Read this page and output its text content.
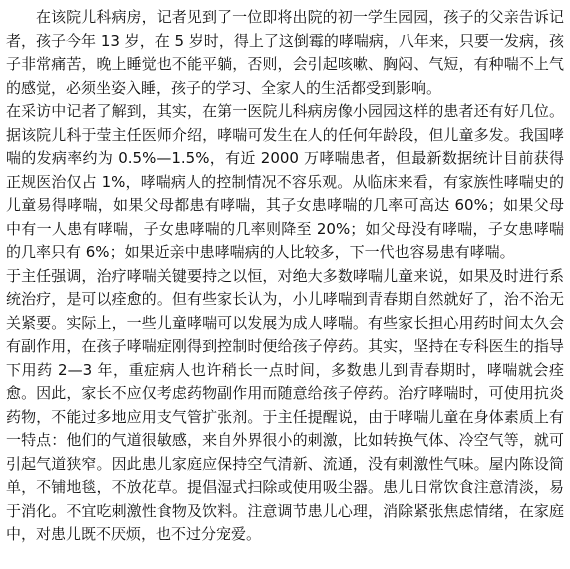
在该院儿科病房，记者见到了一位即将出院的初一学生园园，孩子的父亲告诉记者，孩子今年 13 岁，在 5 岁时，得上了这倒霉的哮喘病，八年来，只要一发病，孩子非常痛苦，晚上睡觉也不能平躺，否则，会引起咳嗽、胸闷、气短，有种喘不上气的感觉，必须坐姿入睡，孩子的学习、全家人的生活都受到影响。

在采访中记者了解到，其实，在第一医院儿科病房像小园园这样的患者还有好几位。据该院儿科于莹主任医师介绍，哮喘可发生在人的任何年龄段，但儿童多发。我国哮喘的发病率约为 0.5%—1.5%，有近 2000 万哮喘患者，但最新数据统计目前获得正规医治仅占 1%，哮喘病人的控制情况不容乐观。从临床来看，有家族性哮喘史的儿童易得哮喘，如果父母都患有哮喘，其子女患哮喘的几率可高达 60%；如果父母中有一人患有哮喘，子女患哮喘的几率则降至 20%；如父母没有哮喘，子女患哮喘的几率只有 6%；如果近亲中患哮喘病的人比较多，下一代也容易患有哮喘。

于主任强调，治疗哮喘关键要持之以恒，对绝大多数哮喘儿童来说，如果及时进行系统治疗，是可以痊愈的。但有些家长认为，小儿哮喘到青春期自然就好了，治不治无关紧要。实际上，一些儿童哮喘可以发展为成人哮喘。有些家长担心用药时间太久会有副作用，在孩子哮喘症刚得到控制时便给孩子停药。其实，坚持在专科医生的指导下用药 2—3 年，重症病人也许稍长一点时间，多数患儿到青春期时，哮喘就会痊愈。因此，家长不应仅考虑药物副作用而随意给孩子停药。治疗哮喘时，可使用抗炎药物，不能过多地应用支气管扩张剂。于主任提醒说，由于哮喘儿童在身体素质上有一特点：他们的气道很敏感，来自外界很小的刺激，比如转换气体、冷空气等，就可引起气道狭窄。因此患儿家庭应保持空气清新、流通，没有刺激性气味。屋内陈设简单，不铺地毯，不放花草。提倡湿式扫除或使用吸尘器。患儿日常饮食注意清淡，易于消化。不宜吃刺激性食物及饮料。注意调节患儿心理，消除紧张焦虑情绪，在家庭中，对患儿既不厌烦，也不过分宠爱。
